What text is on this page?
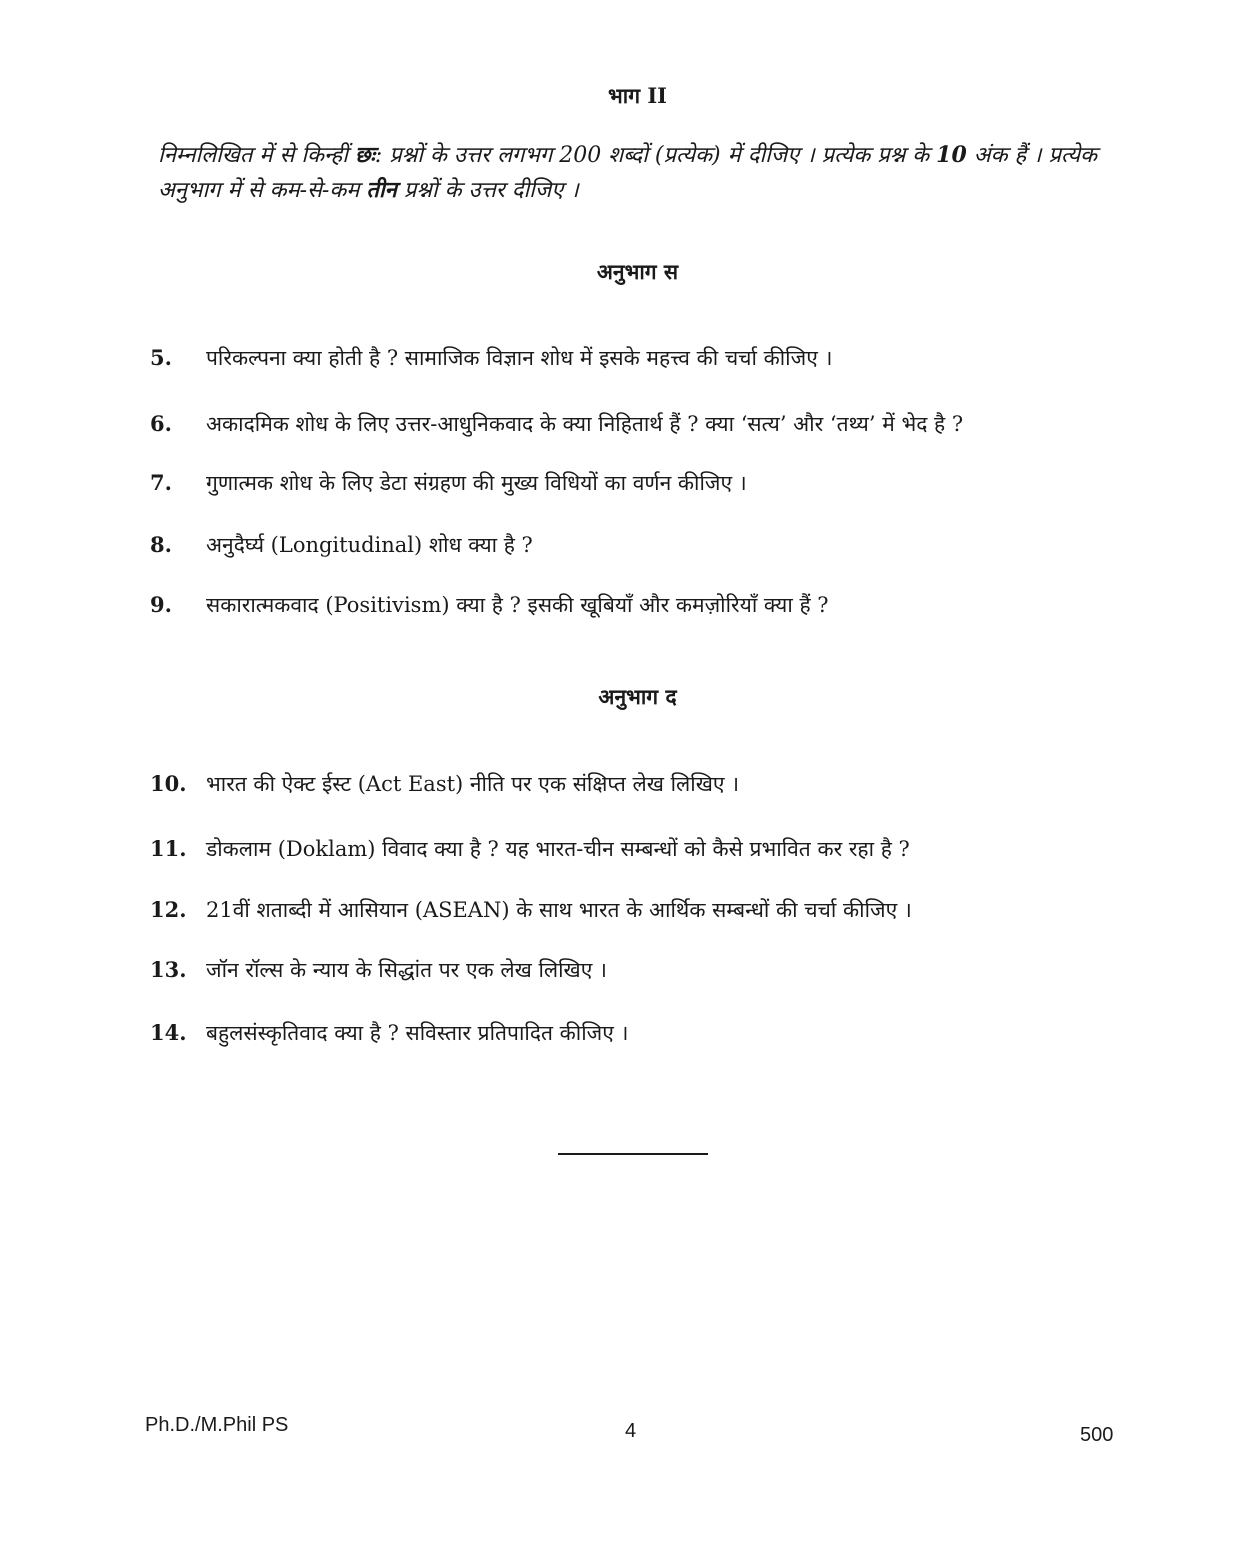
भाग II
निम्नलिखित में से किन्हीं छः: प्रश्नों के उत्तर लगभग 200 शब्दों (प्रत्येक) में दीजिए । प्रत्येक प्रश्न के 10 अंक हैं । प्रत्येक अनुभाग में से कम-से-कम तीन प्रश्नों के उत्तर दीजिए ।
अनुभाग स
5. परिकल्पना क्या होती है ? सामाजिक विज्ञान शोध में इसके महत्त्व की चर्चा कीजिए ।
6. अकादमिक शोध के लिए उत्तर-आधुनिकवाद के क्या निहितार्थ हैं ? क्या ‘सत्य’ और ‘तथ्य’ में भेद है ?
7. गुणात्मक शोध के लिए डेटा संग्रहण की मुख्य विधियों का वर्णन कीजिए ।
8. अनुदैर्घ्य (Longitudinal) शोध क्या है ?
9. सकारात्मकवाद (Positivism) क्या है ? इसकी खूबियाँ और कमज़ोरियाँ क्या हैं ?
अनुभाग द
10. भारत की ऐक्ट ईस्ट (Act East) नीति पर एक संक्षिप्त लेख लिखिए ।
11. डोकलाम (Doklam) विवाद क्या है ? यह भारत-चीन सम्बन्धों को कैसे प्रभावित कर रहा है ?
12. 21वीं शताब्दी में आसियान (ASEAN) के साथ भारत के आर्थिक सम्बन्धों की चर्चा कीजिए ।
13. जॉन रॉल्स के न्याय के सिद्धांत पर एक लेख लिखिए ।
14. बहुलसंस्कृतिवाद क्या है ? सविस्तार प्रतिपादित कीजिए ।
Ph.D./M.Phil PS	4	500
